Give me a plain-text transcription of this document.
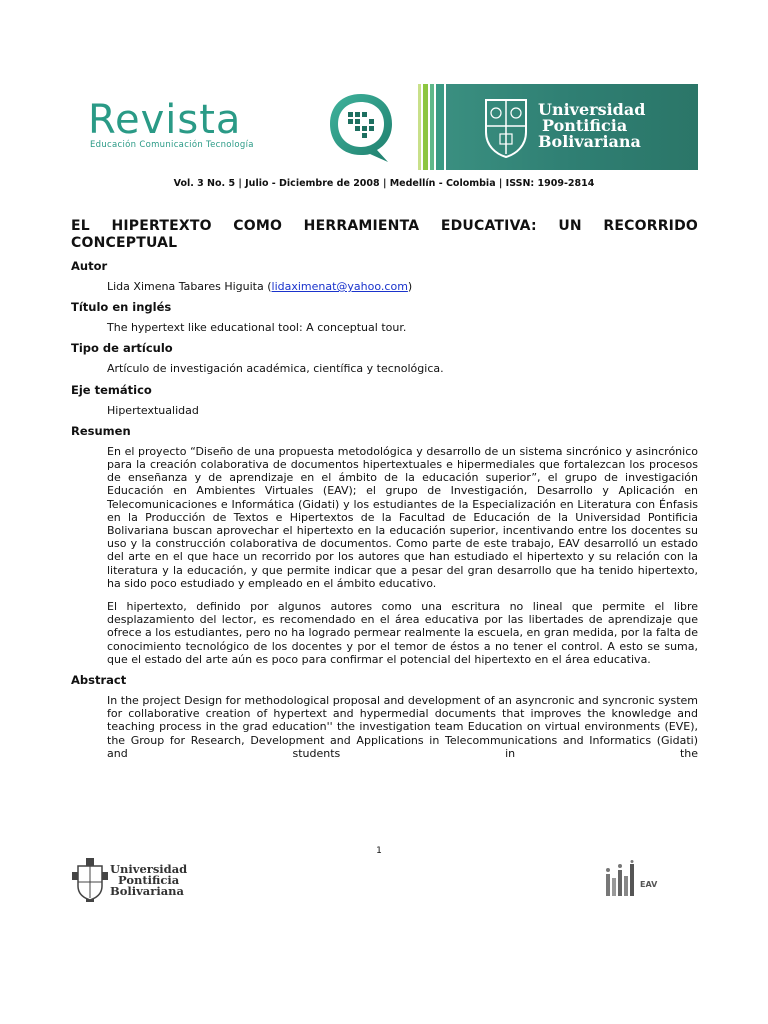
Revista
Educación Comunicación Tecnología
Universidad
Pontificia
Bolivariana
Vol. 3 No. 5 | Julio - Diciembre de 2008 | Medellín - Colombia | ISSN: 1909-2814
EL HIPERTEXTO COMO HERRAMIENTA EDUCATIVA: UN RECORRIDO CONCEPTUAL

Autor

Lida Ximena Tabares Higuita (lidaximenat@yahoo.com)

Título en inglés

The hypertext like educational tool: A conceptual tour.

Tipo de artículo

Artículo de investigación académica, científica y tecnológica.

Eje temático

Hipertextualidad

Resumen

En el proyecto “Diseño de una propuesta metodológica y desarrollo de un sistema sincrónico y asincrónico para la creación colaborativa de documentos hipertextuales e hipermediales que fortalezcan los procesos de enseñanza y de aprendizaje en el ámbito de la educación superior”, el grupo de investigación Educación en Ambientes Virtuales (EAV); el grupo de Investigación, Desarrollo y Aplicación en Telecomunicaciones e Informática (Gidati) y los estudiantes de la Especialización en Literatura con Énfasis en la Producción de Textos e Hipertextos de la Facultad de Educación de la Universidad Pontificia Bolivariana buscan aprovechar el hipertexto en la educación superior, incentivando entre los docentes su uso y la construcción colaborativa de documentos. Como parte de este trabajo, EAV desarrolló un estado del arte en el que hace un recorrido por los autores que han estudiado el hipertexto y su relación con la literatura y la educación, y que permite indicar que a pesar del gran desarrollo que ha tenido hipertexto, ha sido poco estudiado y empleado en el ámbito educativo.

El hipertexto, definido por algunos autores como una escritura no lineal que permite el libre desplazamiento del lector, es recomendado en el área educativa por las libertades de aprendizaje que ofrece a los estudiantes, pero no ha logrado permear realmente la escuela, en gran medida, por la falta de conocimiento tecnológico de los docentes y por el temor de éstos a no tener el control. A esto se suma, que el estado del arte aún es poco para confirmar el potencial del hipertexto en el área educativa.

Abstract

In the project Design for methodological proposal and development of an asyncronic and syncronic system for collaborative creation of hypertext and hypermedial documents that improves the knowledge and teaching process in the grad education'' the investigation team Education on virtual environments (EVE), the Group for Research, Development and Applications in Telecommunications and Informatics (Gidati) and students in the

1
Universidad
Pontificia
Bolivariana	EAV
